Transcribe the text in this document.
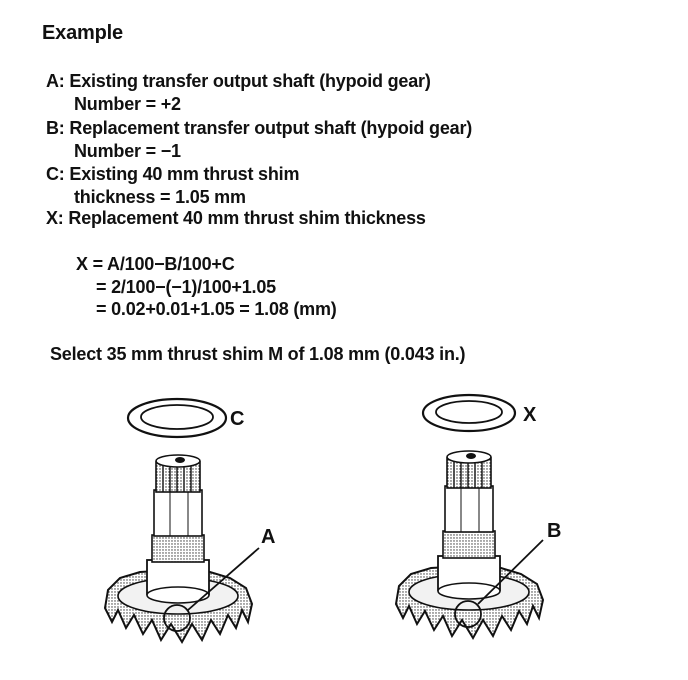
Example
A: Existing transfer output shaft (hypoid gear)
Number = +2
B: Replacement transfer output shaft (hypoid gear)
Number = −1
C: Existing 40 mm thrust shim
thickness = 1.05 mm
X: Replacement 40 mm thrust shim thickness
X = A/100−B/100+C
= 2/100−(−1)/100+1.05
= 0.02+0.01+1.05 = 1.08 (mm)
Select 35 mm thrust shim M of 1.08 mm (0.043 in.)
C
A
X
B
